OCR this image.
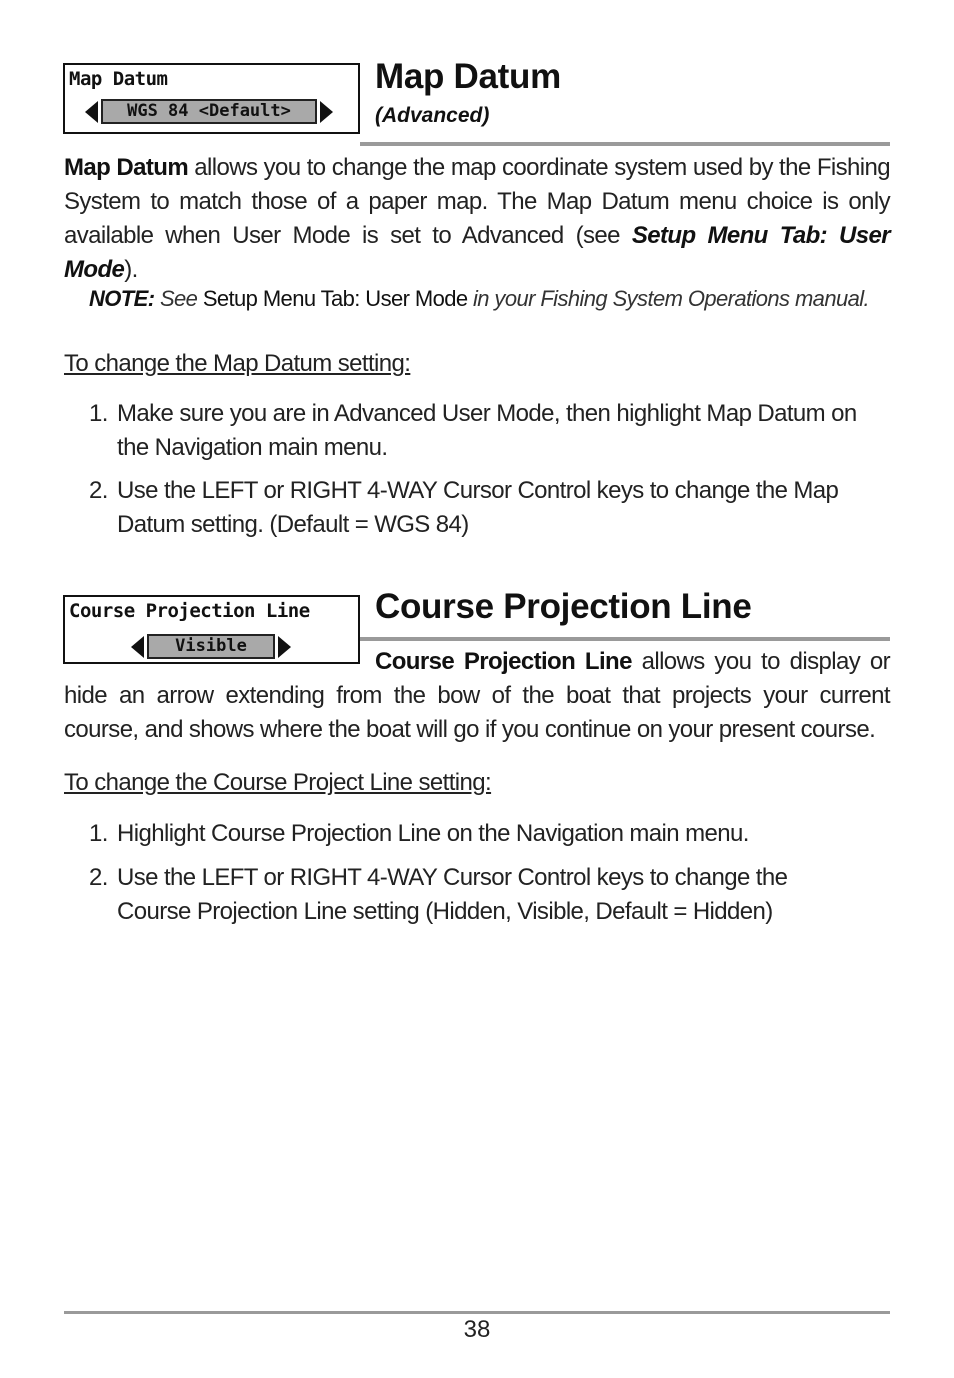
Map Datum
WGS 84 <Default>
Map Datum
(Advanced)
Map Datum allows you to change the map coordinate system used by the Fishing System to match those of a paper map. The Map Datum menu choice is only available when User Mode is set to Advanced (see Setup Menu Tab: User Mode).
NOTE: See Setup Menu Tab: User Mode in your Fishing System Operations manual.
To change the Map Datum setting:
1. Make sure you are in Advanced User Mode, then highlight Map Datum on the Navigation main menu.
2. Use the LEFT or RIGHT 4-WAY Cursor Control keys to change the Map Datum setting. (Default = WGS 84)
Course Projection Line
Visible
Course Projection Line
Course Projection Line allows you to display or hide an arrow extending from the bow of the boat that projects your current course, and shows where the boat will go if you continue on your present course.
To change the Course Project Line setting:
1. Highlight Course Projection Line on the Navigation main menu.
2. Use the LEFT or RIGHT 4-WAY Cursor Control keys to change the Course Projection Line setting (Hidden, Visible, Default = Hidden)
38
